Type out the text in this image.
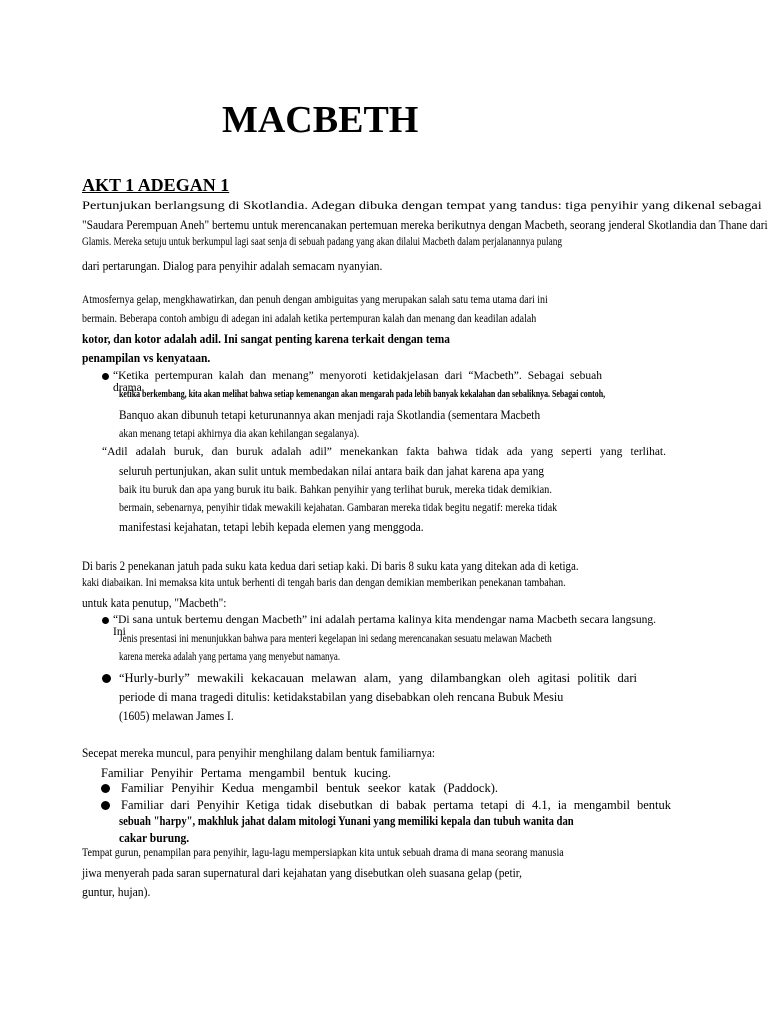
MACBETH
AKT 1 ADEGAN 1
Pertunjukan berlangsung di Skotlandia. Adegan dibuka dengan tempat yang tandus: tiga penyihir yang dikenal sebagai
"Saudara Perempuan Aneh" bertemu untuk merencanakan pertemuan mereka berikutnya dengan Macbeth, seorang jenderal Skotlandia dan Thane dari
Glamis. Mereka setuju untuk berkumpul lagi saat senja di sebuah padang yang akan dilalui Macbeth dalam perjalanannya pulang
dari pertarungan. Dialog para penyihir adalah semacam nyanyian.
Atmosfernya gelap, mengkhawatirkan, dan penuh dengan ambiguitas yang merupakan salah satu tema utama dari ini
bermain. Beberapa contoh ambigu di adegan ini adalah ketika pertempuran kalah dan menang dan keadilan adalah
kotor, dan kotor adalah adil. Ini sangat penting karena terkait dengan tema
penampilan vs kenyataan.
“Ketika pertempuran kalah dan menang” menyoroti ketidakjelasan dari “Macbeth”. Sebagai sebuah drama
ketika berkembang, kita akan melihat bahwa setiap kemenangan akan mengarah pada lebih banyak kekalahan dan sebaliknya. Sebagai contoh,
Banquo akan dibunuh tetapi keturunannya akan menjadi raja Skotlandia (sementara Macbeth
akan menang tetapi akhirnya dia akan kehilangan segalanya).
“Adil adalah buruk, dan buruk adalah adil” menekankan fakta bahwa tidak ada yang seperti yang terlihat.
seluruh pertunjukan, akan sulit untuk membedakan nilai antara baik dan jahat karena apa yang
baik itu buruk dan apa yang buruk itu baik. Bahkan penyihir yang terlihat buruk, mereka tidak demikian.
bermain, sebenarnya, penyihir tidak mewakili kejahatan. Gambaran mereka tidak begitu negatif: mereka tidak
manifestasi kejahatan, tetapi lebih kepada elemen yang menggoda.
Di baris 2 penekanan jatuh pada suku kata kedua dari setiap kaki. Di baris 8 suku kata yang ditekan ada di ketiga.
kaki diabaikan. Ini memaksa kita untuk berhenti di tengah baris dan dengan demikian memberikan penekanan tambahan.
untuk kata penutup, "Macbeth":
“Di sana untuk bertemu dengan Macbeth” ini adalah pertama kalinya kita mendengar nama Macbeth secara langsung. Ini
Jenis presentasi ini menunjukkan bahwa para menteri kegelapan ini sedang merencanakan sesuatu melawan Macbeth
karena mereka adalah yang pertama yang menyebut namanya.
“Hurly-burly” mewakili kekacauan melawan alam, yang dilambangkan oleh agitasi politik dari
periode di mana tragedi ditulis: ketidakstabilan yang disebabkan oleh rencana Bubuk Mesiu
(1605) melawan James I.
Secepat mereka muncul, para penyihir menghilang dalam bentuk familiarnya:
Familiar Penyihir Pertama mengambil bentuk kucing.
Familiar Penyihir Kedua mengambil bentuk seekor katak (Paddock).
Familiar dari Penyihir Ketiga tidak disebutkan di babak pertama tetapi di 4.1, ia mengambil bentuk
sebuah "harpy", makhluk jahat dalam mitologi Yunani yang memiliki kepala dan tubuh wanita dan
cakar burung.
Tempat gurun, penampilan para penyihir, lagu-lagu mempersiapkan kita untuk sebuah drama di mana seorang manusia
jiwa menyerah pada saran supernatural dari kejahatan yang disebutkan oleh suasana gelap (petir,
guntur, hujan).
